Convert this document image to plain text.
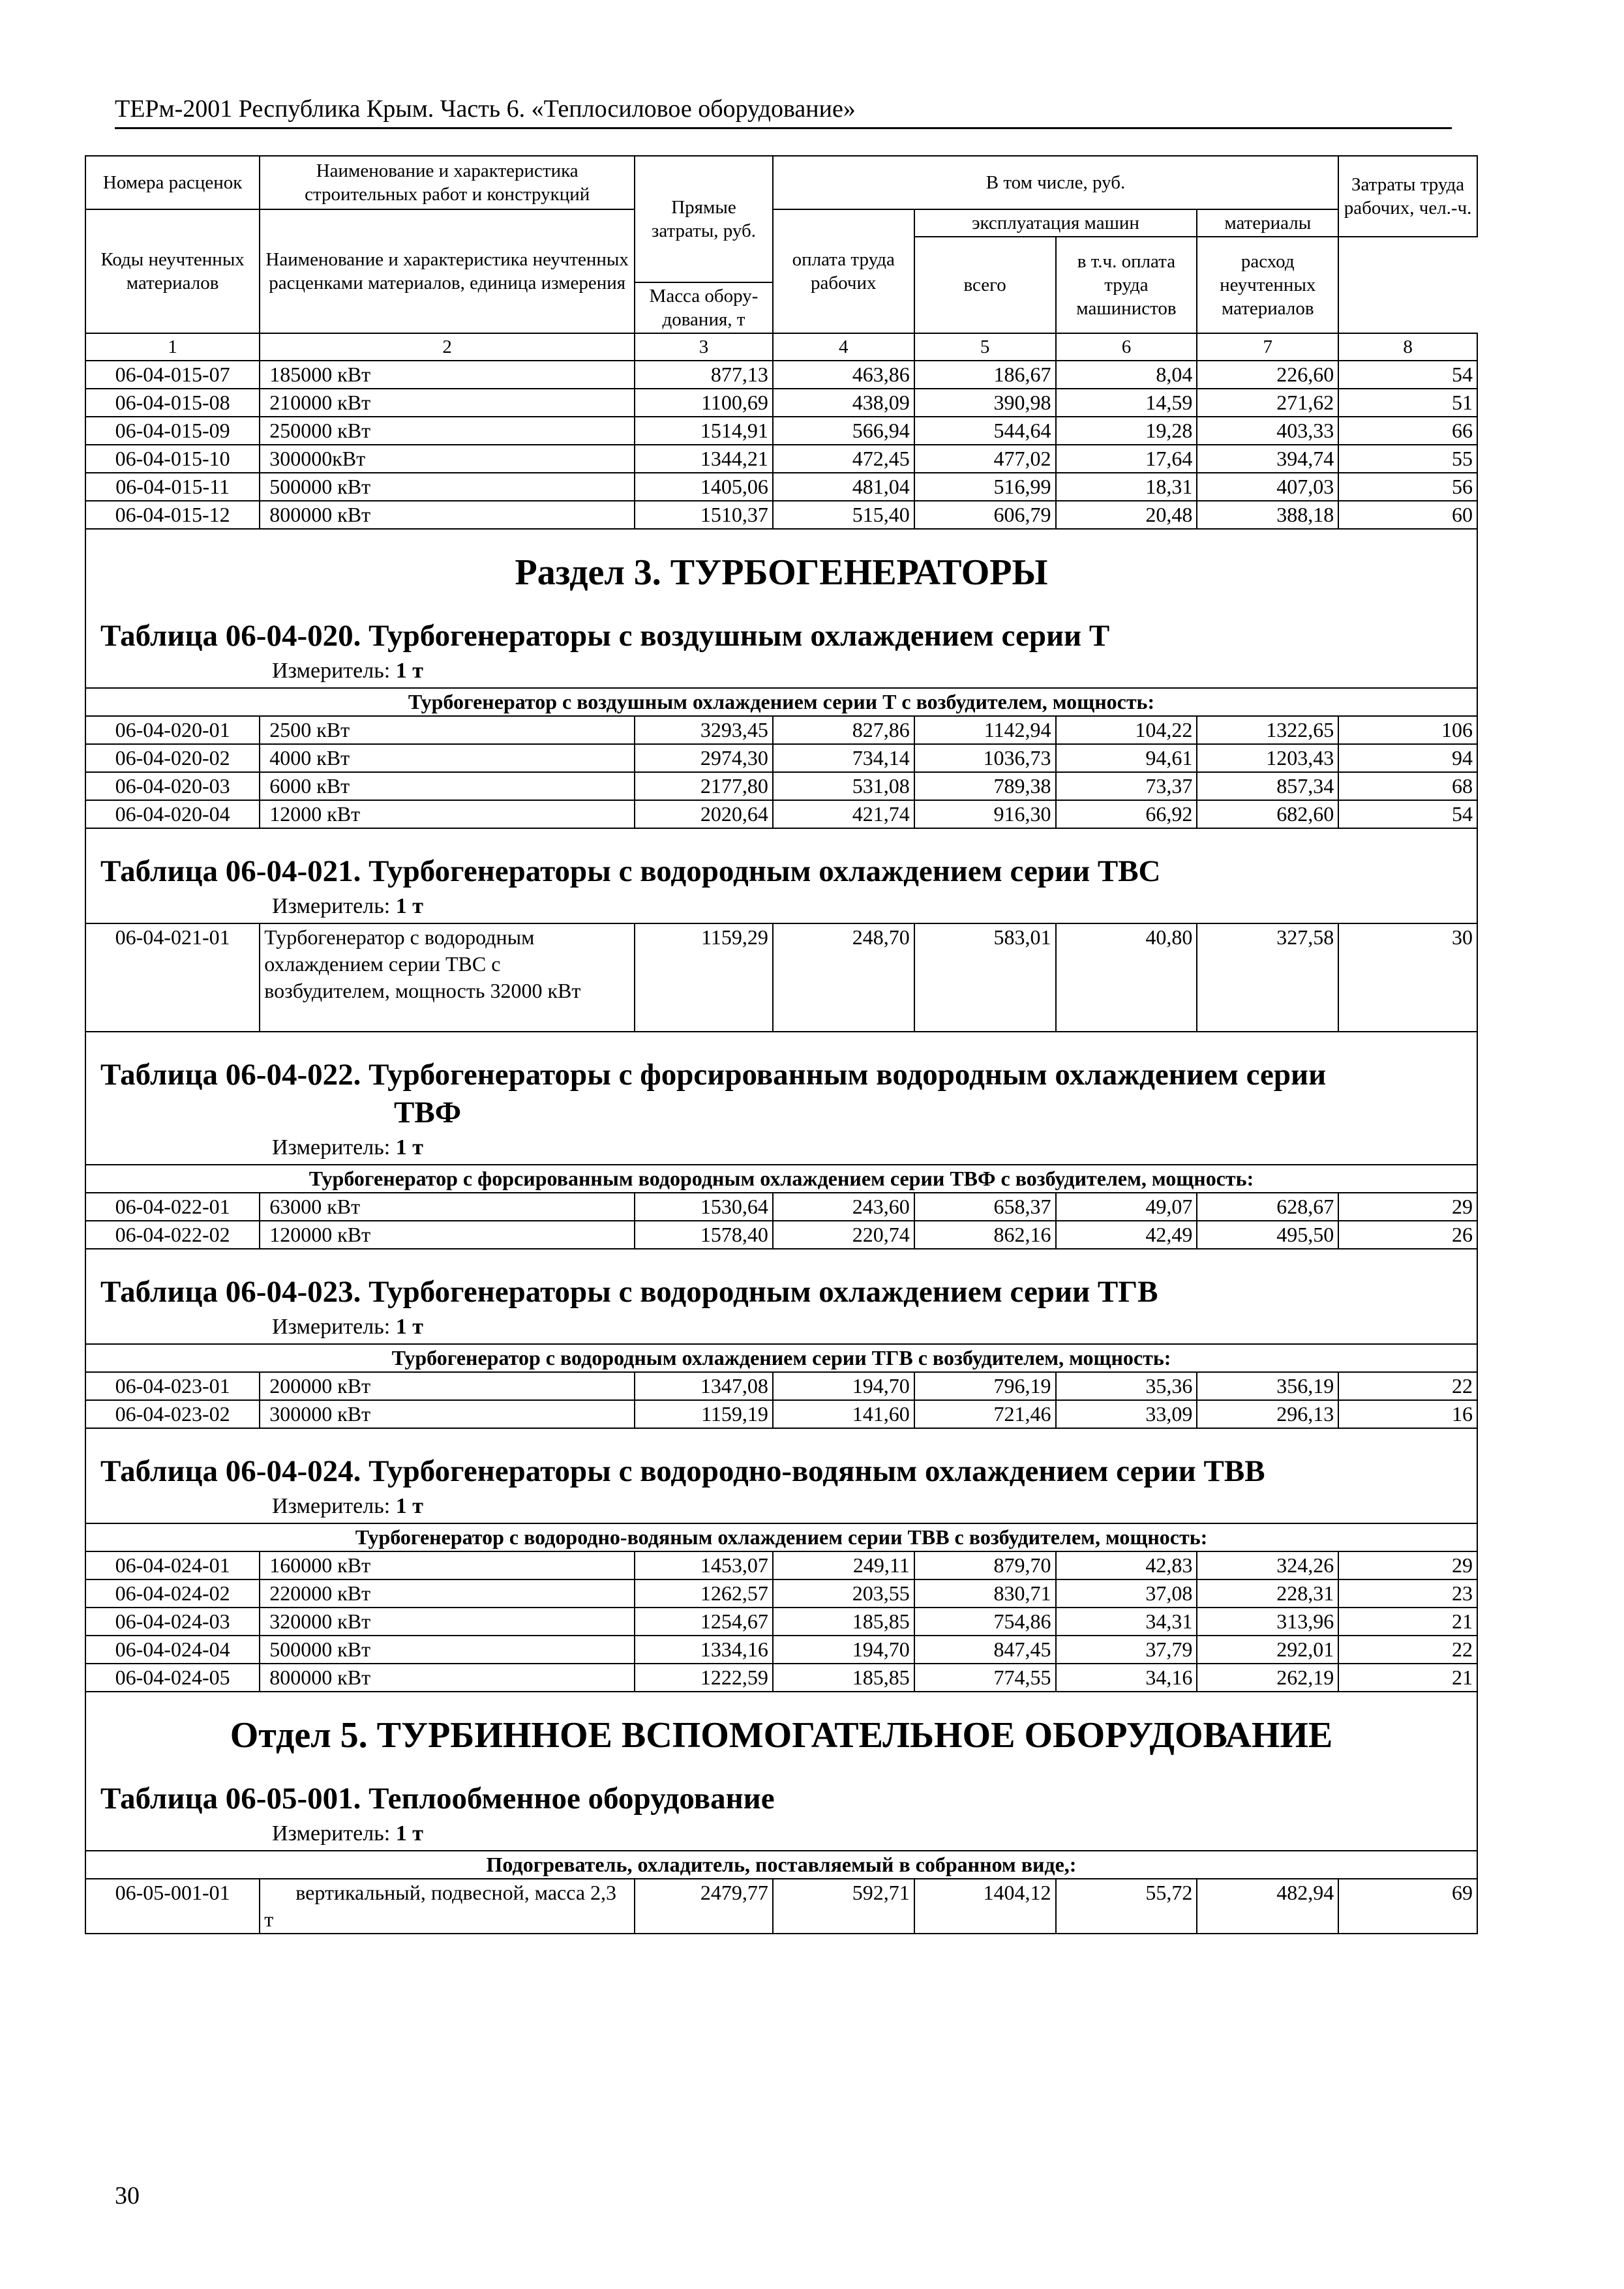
ТЕРм-2001 Республика Крым. Часть 6. «Теплосиловое оборудование»
Номера расценок	Наименование и характеристика строительных работ и конструкций	Прямые затраты, руб.	В том числе, руб.				Затраты труда рабочих, чел.-ч.

Коды неучтенных материалов	Наименование и характеристика неучтенных расценками материалов, единица измерения		оплата труда рабочих	эксплуатация машин		материалы	
				всего	в т.ч. оплата труда машинистов	расход неучтенных материалов	
		Масса обору-дования, т					
1	2	3	4	5	6	7	8
06-04-015-07	185000 кВт	877,13	463,86	186,67	8,04	226,60	54
06-04-015-08	210000 кВт	1100,69	438,09	390,98	14,59	271,62	51
06-04-015-09	250000 кВт	1514,91	566,94	544,64	19,28	403,33	66
06-04-015-10	300000кВт	1344,21	472,45	477,02	17,64	394,74	55
06-04-015-11	500000 кВт	1405,06	481,04	516,99	18,31	407,03	56
06-04-015-12	800000 кВт	1510,37	515,40	606,79	20,48	388,18	60

Раздел 3. ТУРБОГЕНЕРАТОРЫ
Таблица 06-04-020. Турбогенераторы с воздушным охлаждением серии Т
Измеритель: 1 т							

Турбогенератор с воздушным охлаждением серии Т с возбудителем, мощность:							
06-04-020-01	2500 кВт	3293,45	827,86	1142,94	104,22	1322,65	106
06-04-020-02	4000 кВт	2974,30	734,14	1036,73	94,61	1203,43	94
06-04-020-03	6000 кВт	2177,80	531,08	789,38	73,37	857,34	68
06-04-020-04	12000 кВт	2020,64	421,74	916,30	66,92	682,60	54

Таблица 06-04-021. Турбогенераторы с водородным охлаждением серии ТВС
Измеритель: 1 т							

06-04-021-01	Турбогенератор с водородным охлаждением серии ТВС с возбудителем, мощность 32000 кВт	1159,29	248,70	583,01	40,80	327,58	30

Таблица 06-04-022. Турбогенераторы с форсированным водородным охлаждением серии
ТВФ
Измеритель: 1 т							

Турбогенератор с форсированным водородным охлаждением серии ТВФ с возбудителем, мощность:							
06-04-022-01	63000 кВт	1530,64	243,60	658,37	49,07	628,67	29
06-04-022-02	120000 кВт	1578,40	220,74	862,16	42,49	495,50	26

Таблица 06-04-023. Турбогенераторы с водородным охлаждением серии ТГВ
Измеритель: 1 т							

Турбогенератор с водородным охлаждением серии ТГВ с возбудителем, мощность:							
06-04-023-01	200000 кВт	1347,08	194,70	796,19	35,36	356,19	22
06-04-023-02	300000 кВт	1159,19	141,60	721,46	33,09	296,13	16

Таблица 06-04-024. Турбогенераторы с водородно-водяным охлаждением серии ТВВ
Измеритель: 1 т							

Турбогенератор с водородно-водяным охлаждением серии ТВВ с возбудителем, мощность:							
06-04-024-01	160000 кВт	1453,07	249,11	879,70	42,83	324,26	29
06-04-024-02	220000 кВт	1262,57	203,55	830,71	37,08	228,31	23
06-04-024-03	320000 кВт	1254,67	185,85	754,86	34,31	313,96	21
06-04-024-04	500000 кВт	1334,16	194,70	847,45	37,79	292,01	22
06-04-024-05	800000 кВт	1222,59	185,85	774,55	34,16	262,19	21

Отдел 5. ТУРБИННОЕ ВСПОМОГАТЕЛЬНОЕ ОБОРУДОВАНИЕ
Таблица 06-05-001. Теплообменное оборудование
Измеритель: 1 т							

Подогреватель, охладитель, поставляемый в собранном виде,:							
06-05-001-01	вертикальный, подвесной, масса 2,3 т	2479,77	592,71	1404,12	55,72	482,94	69
30
